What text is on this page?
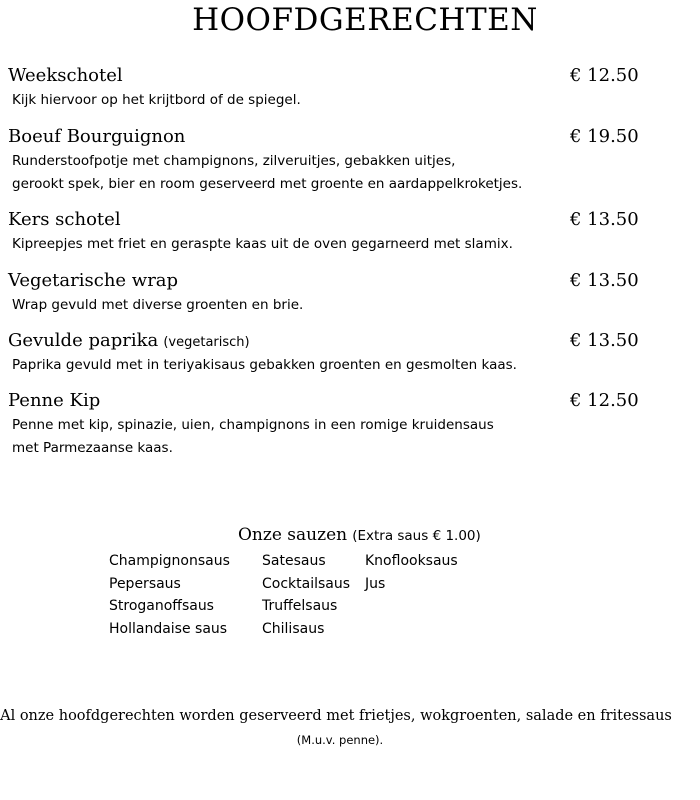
HOOFDGERECHTEN
Weekschotel	€ 12.50
Kijk hiervoor op het krijtbord of de spiegel.
Boeuf Bourguignon	€ 19.50
Runderstoofpotje met champignons, zilveruitjes, gebakken uitjes,
gerookt spek, bier en room geserveerd met groente en aardappelkroketjes.
Kers schotel	€ 13.50
Kipreepjes met friet en geraspte kaas uit de oven gegarneerd met slamix.
Vegetarische wrap	€ 13.50
Wrap gevuld met diverse groenten en brie.
Gevulde paprika (vegetarisch)	€ 13.50
Paprika gevuld met in teriyakisaus gebakken groenten en gesmolten kaas.
Penne Kip	€ 12.50
Penne met kip, spinazie, uien, champignons in een romige kruidensaus
met Parmezaanse kaas.
Onze sauzen (Extra saus € 1.00)
Champignonsaus
Pepersaus
Stroganoffsaus
Hollandaise saus
Satesaus
Cocktailsaus
Truffelsaus
Chilisaus
Knoflooksaus
Jus
Al onze hoofdgerechten worden geserveerd met frietjes, wokgroenten, salade en fritessaus
(M.u.v. penne).
